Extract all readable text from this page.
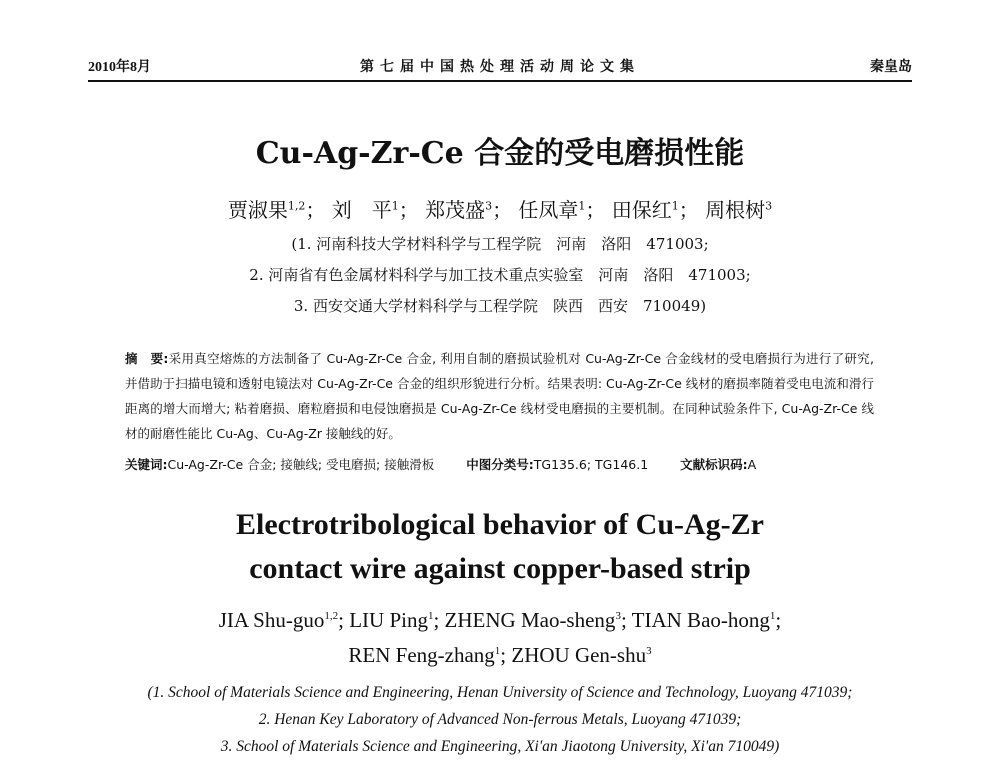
2010年8月	第七届中国热处理活动周论文集	秦皇岛
Cu-Ag-Zr-Ce 合金的受电磨损性能
贾淑果$^{1,2}$； 刘　平$^1$； 郑茂盛$^3$； 任凤章$^1$； 田保红$^1$； 周根树$^3$
(1. 河南科技大学材料科学与工程学院　河南　洛阳　471003;
2. 河南省有色金属材料科学与加工技术重点实验室　河南　洛阳　471003;
3. 西安交通大学材料科学与工程学院　陕西　西安　710049)
摘　要:采用真空熔炼的方法制备了 Cu-Ag-Zr-Ce 合金, 利用自制的磨损试验机对 Cu-Ag-Zr-Ce 合金线材的受电磨损行为进行了研究, 并借助于扫描电镜和透射电镜法对 Cu-Ag-Zr-Ce 合金的组织形貌进行分析。结果表明: Cu-Ag-Zr-Ce 线材的磨损率随着受电电流和滑行距离的增大而增大; 粘着磨损、磨粒磨损和电侵蚀磨损是 Cu-Ag-Zr-Ce 线材受电磨损的主要机制。在同种试验条件下, Cu-Ag-Zr-Ce 线材的耐磨性能比 Cu-Ag、Cu-Ag-Zr 接触线的好。
关键词:Cu-Ag-Zr-Ce 合金; 接触线; 受电磨损; 接触滑板	中图分类号:TG135.6; TG146.1	文献标识码:A
Electrotribological behavior of Cu-Ag-Zr
contact wire against copper-based strip
JIA Shu-guo$^{1,2}$; LIU Ping$^1$; ZHENG Mao-sheng$^3$; TIAN Bao-hong$^1$;
REN Feng-zhang$^1$; ZHOU Gen-shu$^3$
(1. School of Materials Science and Engineering, Henan University of Science and Technology, Luoyang 471039;
2. Henan Key Laboratory of Advanced Non-ferrous Metals, Luoyang 471039;
3. School of Materials Science and Engineering, Xi'an Jiaotong University, Xi'an 710049)
